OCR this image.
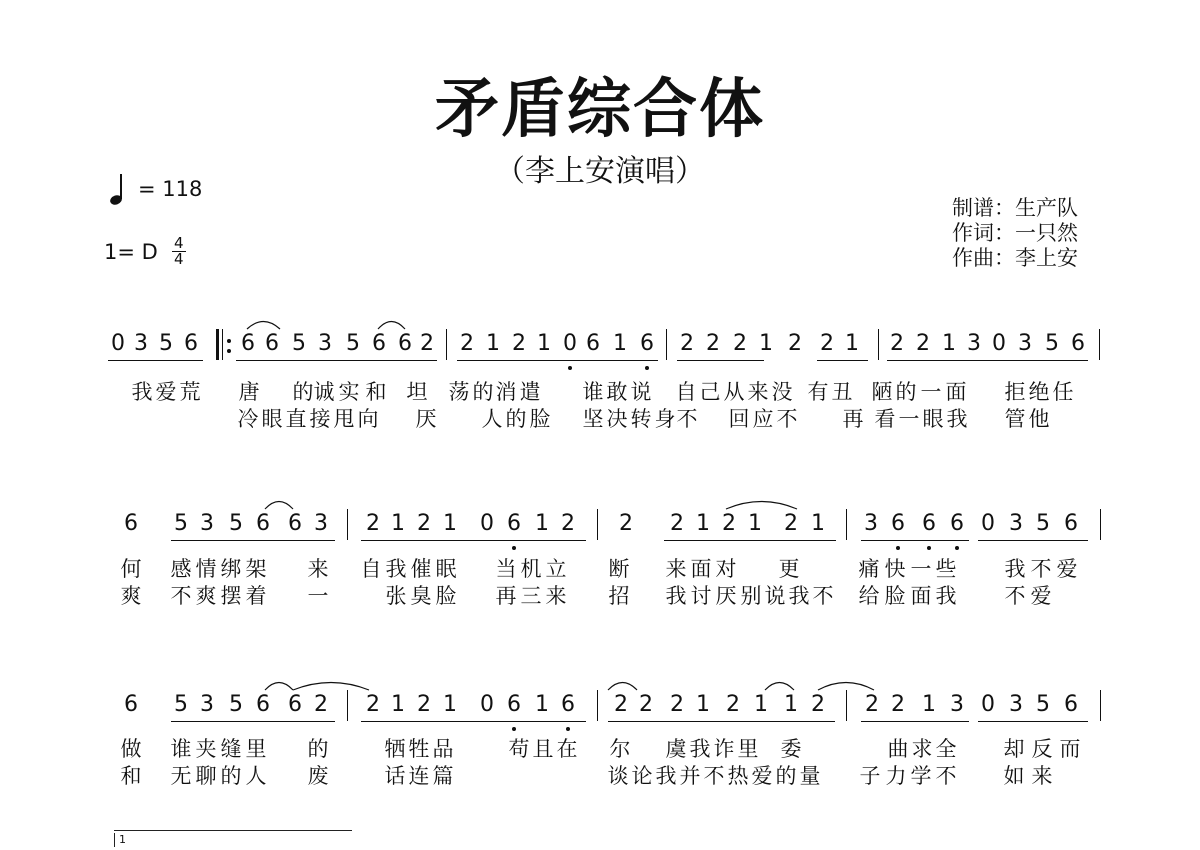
矛盾综合体
（李上安演唱）
= 118
1= D 4
4
制谱：生产队
作词：一只然
作曲：李上安
0 3 5 6 6 6 5 3 5 6 6 2 2 1 2 1 0 6 1 6 2 2 2 1 2 2 1 2 2 1 3 0 3 5 6
我 爱 荒 唐 的 诚 实 和 坦 荡 的 消 遣 谁 敢 说 自 己 从 来 没 有 丑 陋 的 一 面 拒 绝 任
冷 眼 直 接 甩 向 厌 人 的 脸 坚 决 转 身 不 回 应 不 再 看 一 眼 我 管 他
6 5 3 5 6 6 3 2 1 2 1 0 6 1 2 2 2 1 2 1 2 1 3 6 6 6 0 3 5 6
何 感 情 绑 架 来 自 我 催 眠 当 机 立 断 来 面 对 更	痛 快 一 些 我 不 爱
爽 不 爽 摆 着 一	张 臭 脸 再 三 来 招 我 讨 厌 别 说 我 不 给 脸 面 我 不 爱
6 5 3 5 6 6 2 2 1 2 1 0 6 1 6 2 2 2 1 2 1 1 2 2 2 1 3 0 3 5 6
做 谁 夹 缝 里 的	牺 牲 品	苟 且 在 尔 虞 我 诈 里 委	曲 求 全 却 反 而
和 无 聊 的 人 废	话 连 篇	谈 论 我 并 不 热 爱 的 量 子 力 学 不 如 来
1
